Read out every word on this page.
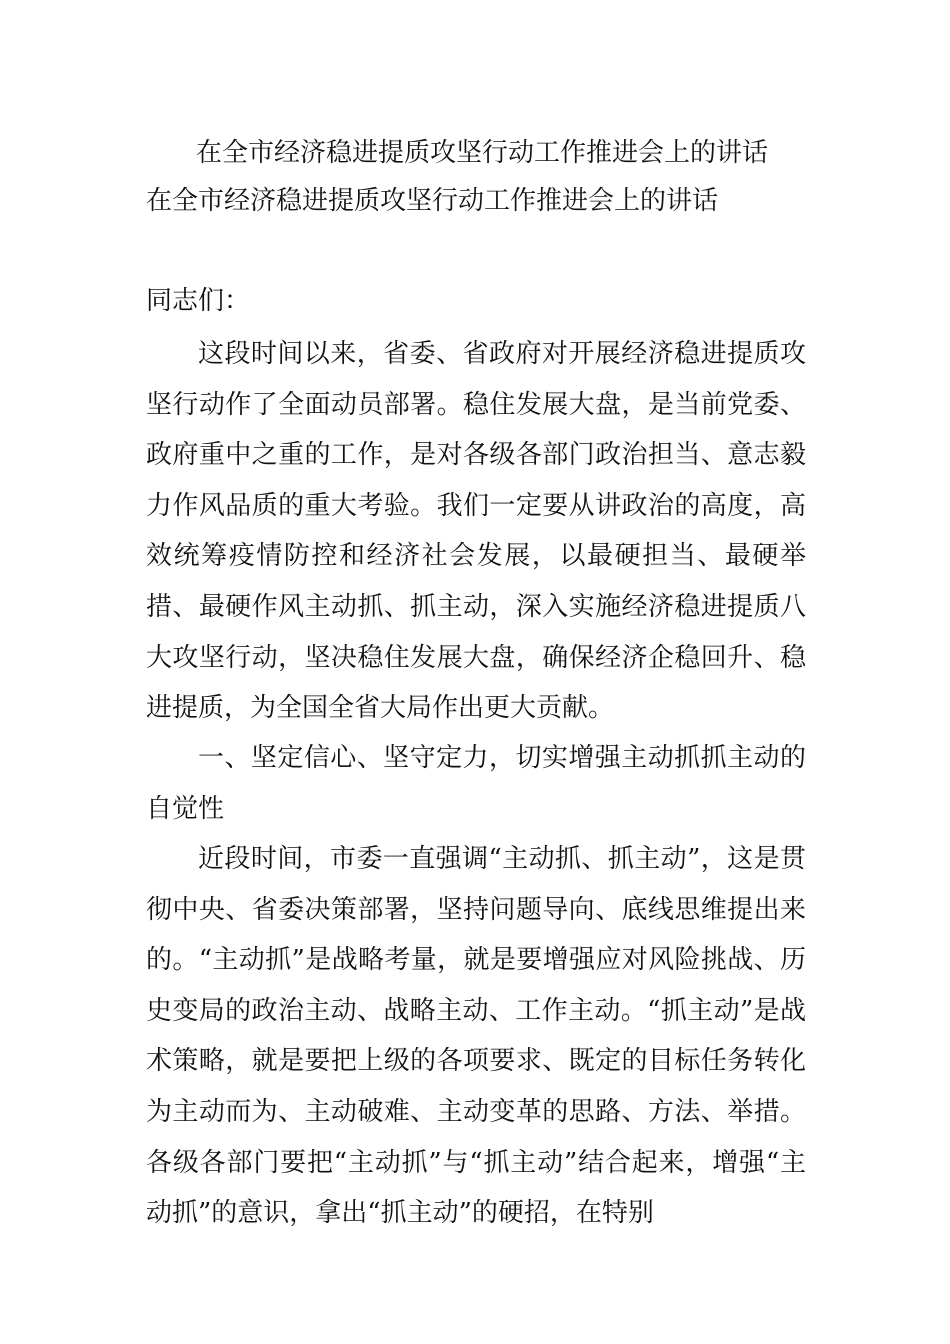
在全市经济稳进提质攻坚行动工作推进会上的讲话
在全市经济稳进提质攻坚行动工作推进会上的讲话
同志们：

这段时间以来，省委、省政府对开展经济稳进提质攻坚行动作了全面动员部署。稳住发展大盘，是当前党委、政府重中之重的工作，是对各级各部门政治担当、意志毅力作风品质的重大考验。我们一定要从讲政治的高度，高效统筹疫情防控和经济社会发展，以最硬担当、最硬举措、最硬作风主动抓、抓主动，深入实施经济稳进提质八大攻坚行动，坚决稳住发展大盘，确保经济企稳回升、稳进提质，为全国全省大局作出更大贡献。

一、坚定信心、坚守定力，切实增强主动抓抓主动的自觉性

近段时间，市委一直强调“主动抓、抓主动”，这是贯彻中央、省委决策部署，坚持问题导向、底线思维提出来的。“主动抓”是战略考量，就是要增强应对风险挑战、历史变局的政治主动、战略主动、工作主动。“抓主动”是战术策略，就是要把上级的各项要求、既定的目标任务转化为主动而为、主动破难、主动变革的思路、方法、举措。各级各部门要把“主动抓”与“抓主动”结合起来，增强“主动抓”的意识，拿出“抓主动”的硬招，在特别
